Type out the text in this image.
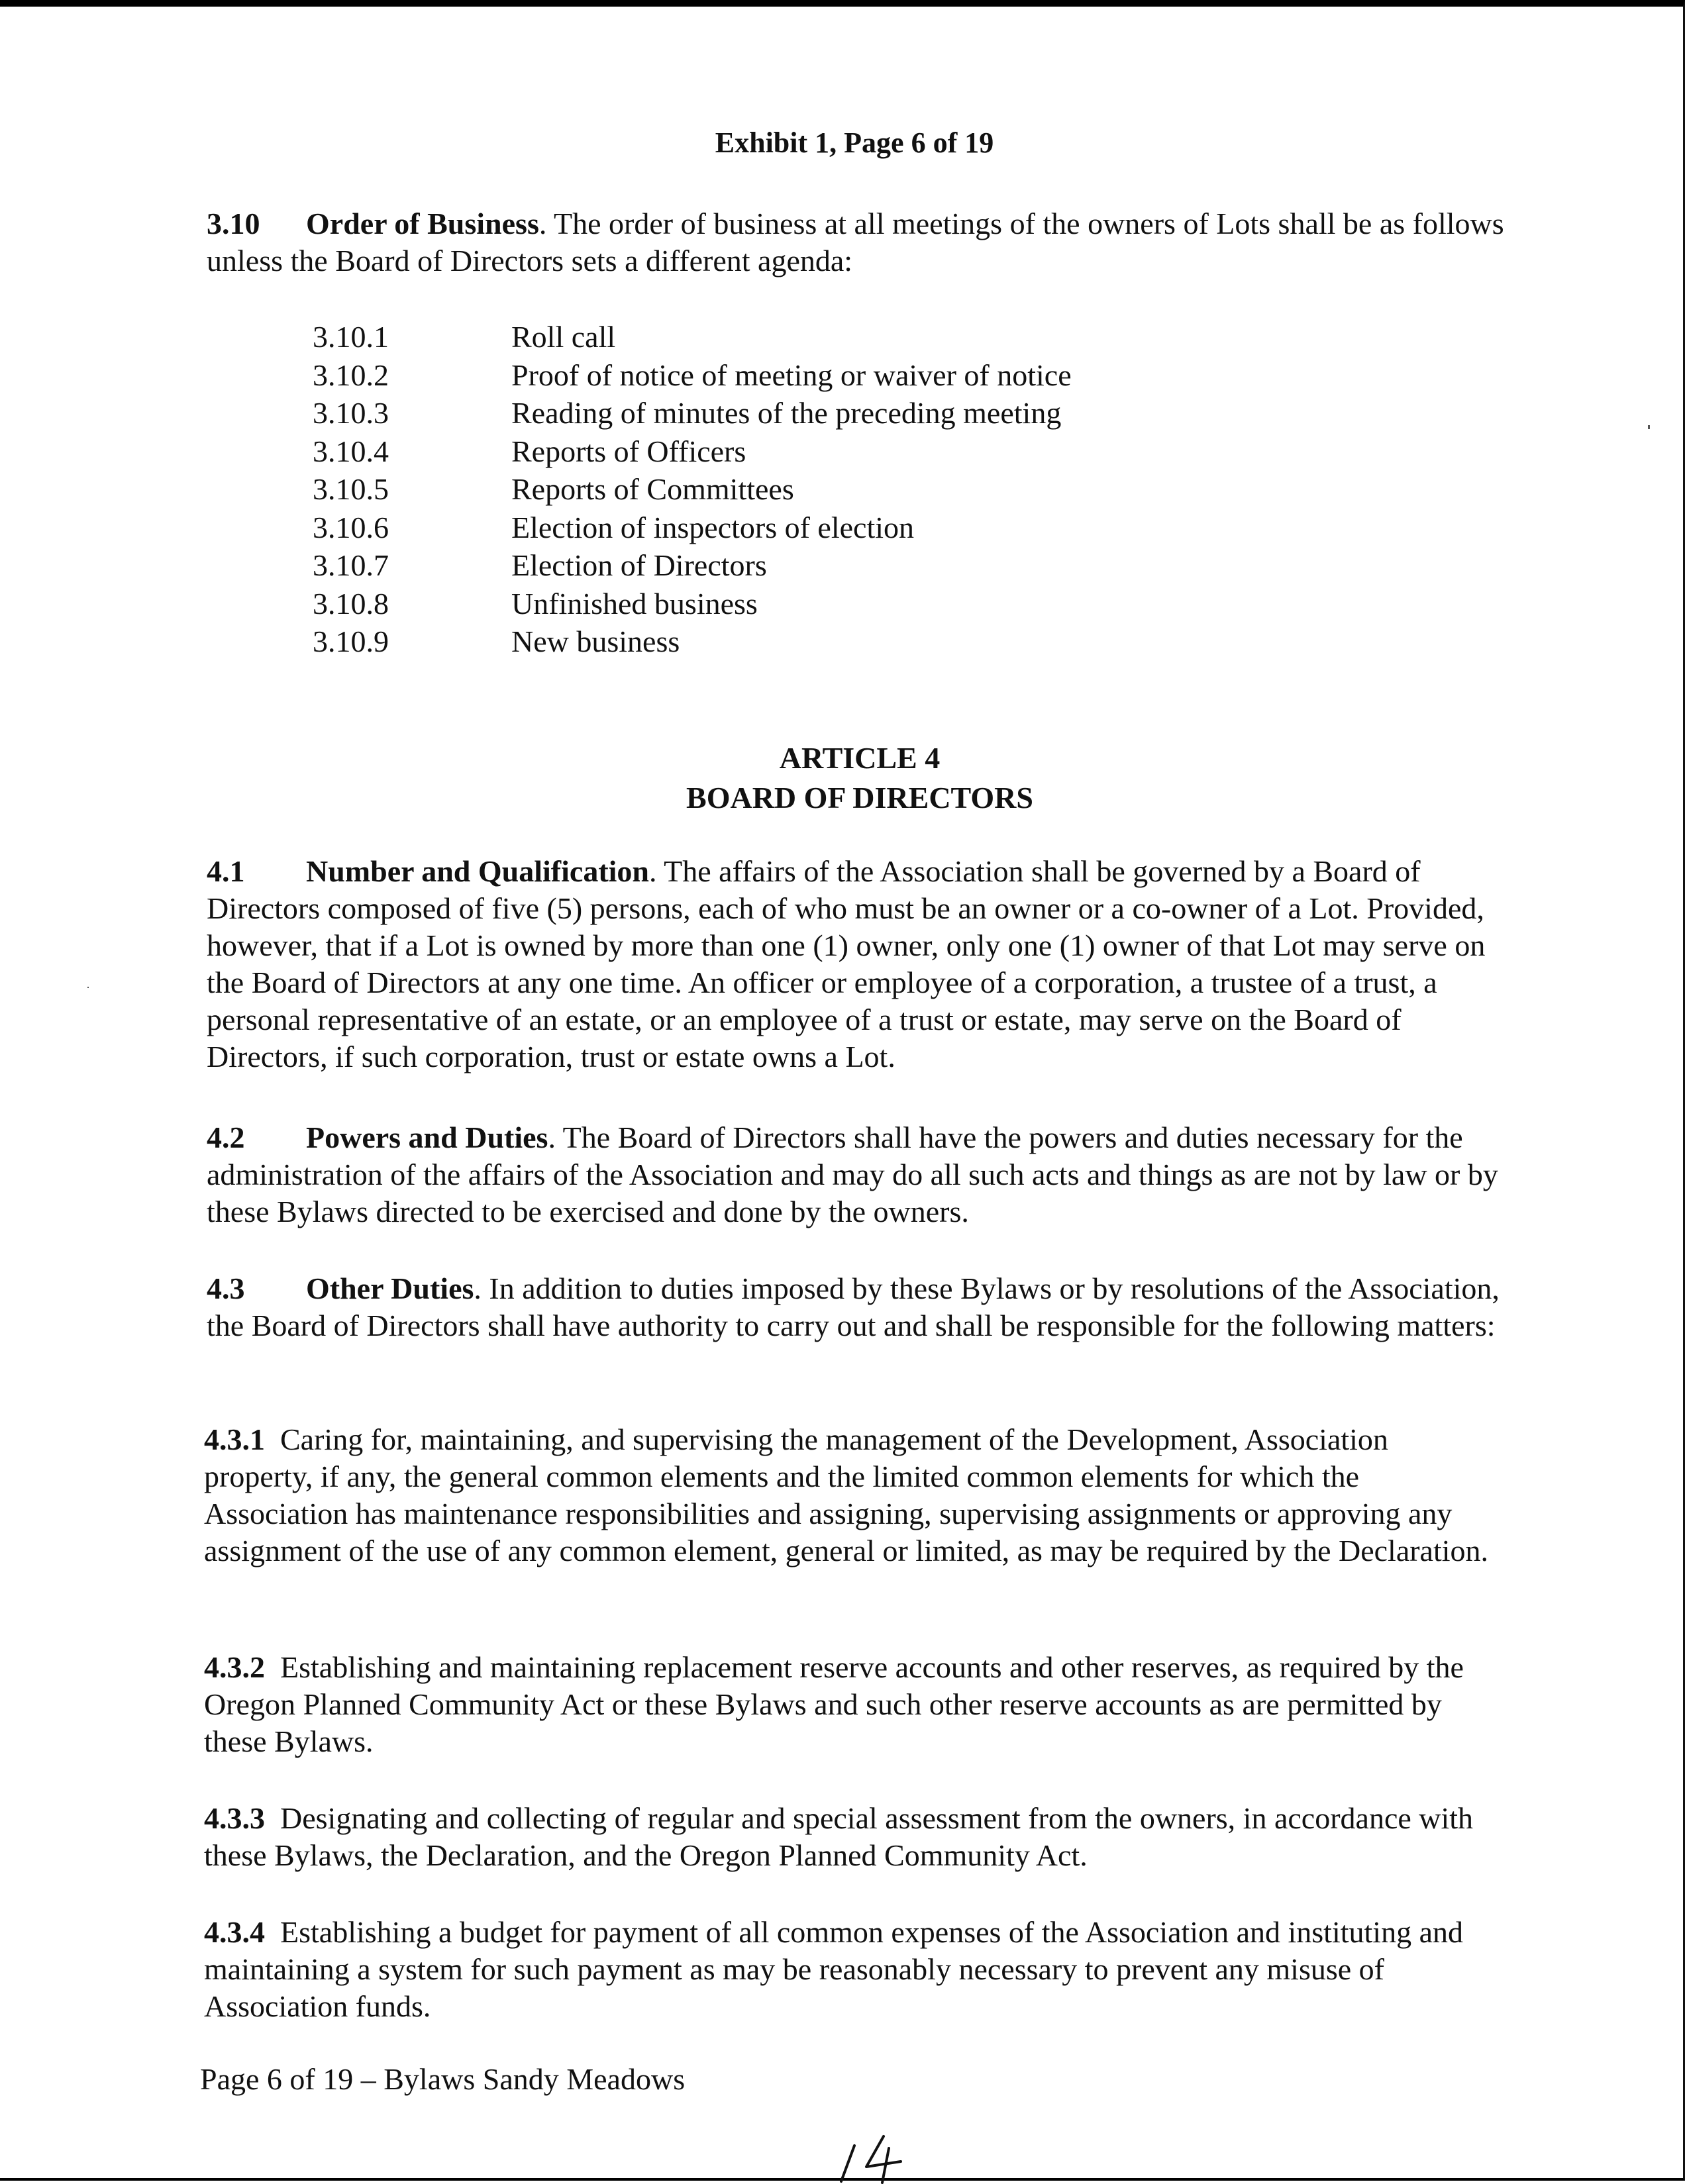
Exhibit 1, Page 6 of 19

3.10 Order of Business. The order of business at all meetings of the owners of Lots shall be as follows unless the Board of Directors sets a different agenda:

3.10.1	Roll call
3.10.2	Proof of notice of meeting or waiver of notice
3.10.3	Reading of minutes of the preceding meeting
3.10.4	Reports of Officers
3.10.5	Reports of Committees
3.10.6	Election of inspectors of election
3.10.7	Election of Directors
3.10.8	Unfinished business
3.10.9	New business
ARTICLE 4
BOARD OF DIRECTORS

4.1 Number and Qualification. The affairs of the Association shall be governed by a Board of Directors composed of five (5) persons, each of who must be an owner or a co-owner of a Lot. Provided, however, that if a Lot is owned by more than one (1) owner, only one (1) owner of that Lot may serve on the Board of Directors at any one time. An officer or employee of a corporation, a trustee of a trust, a personal representative of an estate, or an employee of a trust or estate, may serve on the Board of Directors, if such corporation, trust or estate owns a Lot.

4.2 Powers and Duties. The Board of Directors shall have the powers and duties necessary for the administration of the affairs of the Association and may do all such acts and things as are not by law or by these Bylaws directed to be exercised and done by the owners.

4.3 Other Duties. In addition to duties imposed by these Bylaws or by resolutions of the Association, the Board of Directors shall have authority to carry out and shall be responsible for the following matters:

4.3.1 Caring for, maintaining, and supervising the management of the Development, Association property, if any, the general common elements and the limited common elements for which the Association has maintenance responsibilities and assigning, supervising assignments or approving any assignment of the use of any common element, general or limited, as may be required by the Declaration.

4.3.2 Establishing and maintaining replacement reserve accounts and other reserves, as required by the Oregon Planned Community Act or these Bylaws and such other reserve accounts as are permitted by these Bylaws.

4.3.3 Designating and collecting of regular and special assessment from the owners, in accordance with these Bylaws, the Declaration, and the Oregon Planned Community Act.

4.3.4 Establishing a budget for payment of all common expenses of the Association and instituting and maintaining a system for such payment as may be reasonably necessary to prevent any misuse of Association funds.

Page 6 of 19 – Bylaws Sandy Meadows
